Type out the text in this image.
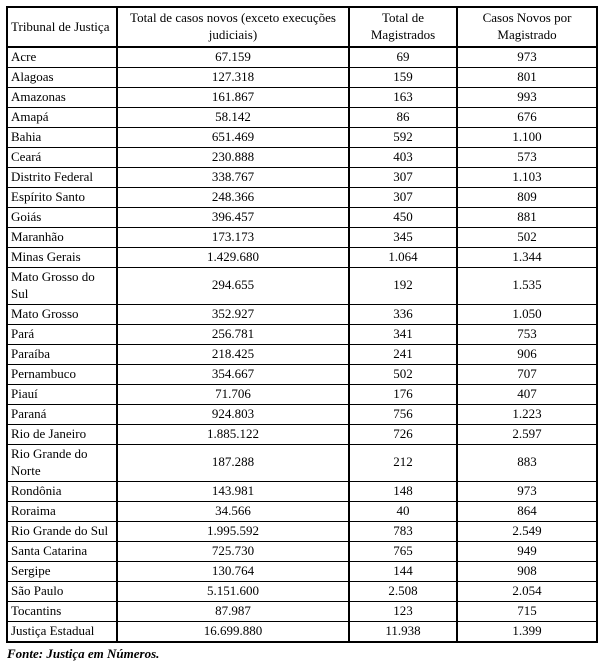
Tribunal de Justiça	Total de casos novos (exceto execuções judiciais)	Total de Magistrados	Casos Novos por Magistrado
Acre	67.159	69	973
Alagoas	127.318	159	801
Amazonas	161.867	163	993
Amapá	58.142	86	676
Bahia	651.469	592	1.100
Ceará	230.888	403	573
Distrito Federal	338.767	307	1.103
Espírito Santo	248.366	307	809
Goiás	396.457	450	881
Maranhão	173.173	345	502
Minas Gerais	1.429.680	1.064	1.344
Mato Grosso do Sul	294.655	192	1.535
Mato Grosso	352.927	336	1.050
Pará	256.781	341	753
Paraíba	218.425	241	906
Pernambuco	354.667	502	707
Piauí	71.706	176	407
Paraná	924.803	756	1.223
Rio de Janeiro	1.885.122	726	2.597
Rio Grande do Norte	187.288	212	883
Rondônia	143.981	148	973
Roraima	34.566	40	864
Rio Grande do Sul	1.995.592	783	2.549
Santa Catarina	725.730	765	949
Sergipe	130.764	144	908
São Paulo	5.151.600	2.508	2.054
Tocantins	87.987	123	715
Justiça Estadual	16.699.880	11.938	1.399

Fonte: Justiça em Números.
